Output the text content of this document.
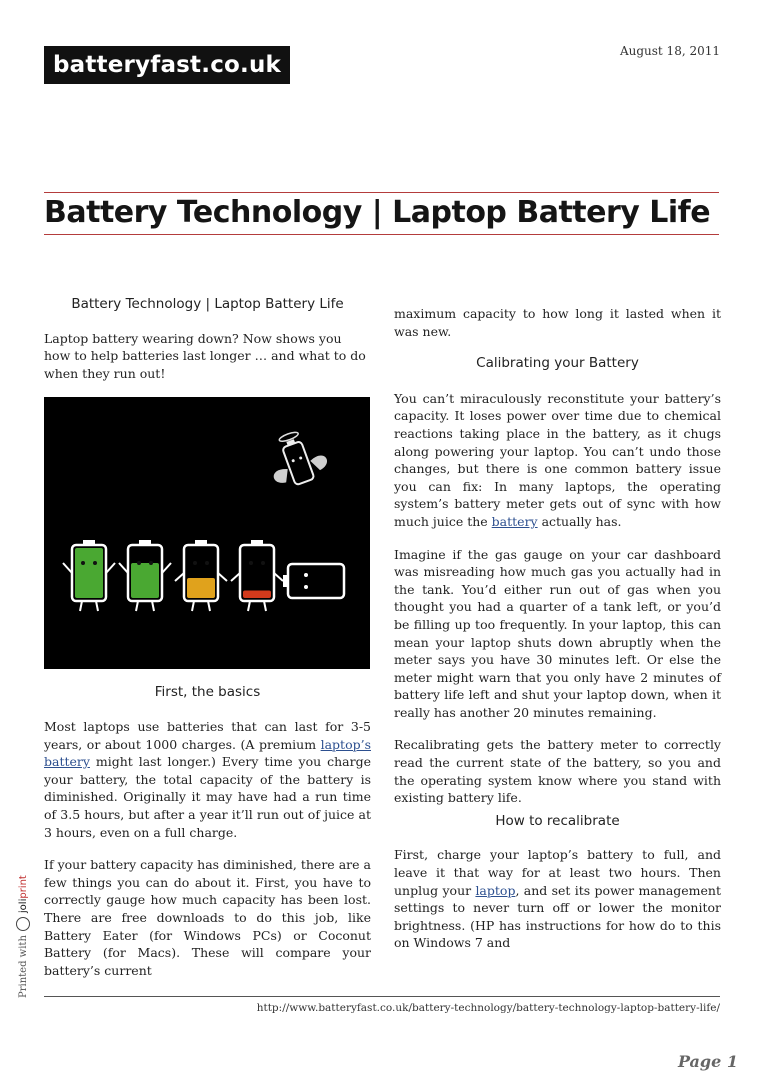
batteryfast.co.uk
August 18, 2011
Battery Technology | Laptop Battery Life
Battery Technology | Laptop Battery Life

Laptop battery wearing down? Now shows you how to help batteries last longer … and what to do when they run out!

First, the basics

Most laptops use batteries that can last for 3-5 years, or about 1000 charges. (A premium laptop’s battery might last longer.) Every time you charge your battery, the total capacity of the battery is diminished. Originally it may have had a run time of 3.5 hours, but after a year it’ll run out of juice at 3 hours, even on a full charge.

If your battery capacity has diminished, there are a few things you can do about it. First, you have to correctly gauge how much capacity has been lost. There are free downloads to do this job, like Battery Eater (for Windows PCs) or Coconut Battery (for Macs). These will compare your battery’s current

maximum capacity to how long it lasted when it was new.

Calibrating your Battery

You can’t miraculously reconstitute your battery’s capacity. It loses power over time due to chemical reactions taking place in the battery, as it chugs along powering your laptop. You can’t undo those changes, but there is one common battery issue you can fix: In many laptops, the operating system’s battery meter gets out of sync with how much juice the battery actually has.

Imagine if the gas gauge on your car dashboard was misreading how much gas you actually had in the tank. You’d either run out of gas when you thought you had a quarter of a tank left, or you’d be filling up too frequently. In your laptop, this can mean your laptop shuts down abruptly when the meter says you have 30 minutes left. Or else the meter might warn that you only have 2 minutes of battery life left and shut your laptop down, when it really has another 20 minutes remaining.

Recalibrating gets the battery meter to correctly read the current state of the battery, so you and the operating system know where you stand with existing battery life.

How to recalibrate

First, charge your laptop’s battery to full, and leave it that way for at least two hours. Then unplug your laptop, and set its power management settings to never turn off or lower the monitor brightness. (HP has instructions for how do to this on Windows 7 and

Printed with
joliprint
http://www.batteryfast.co.uk/battery-technology/battery-technology-laptop-battery-life/
Page 1
